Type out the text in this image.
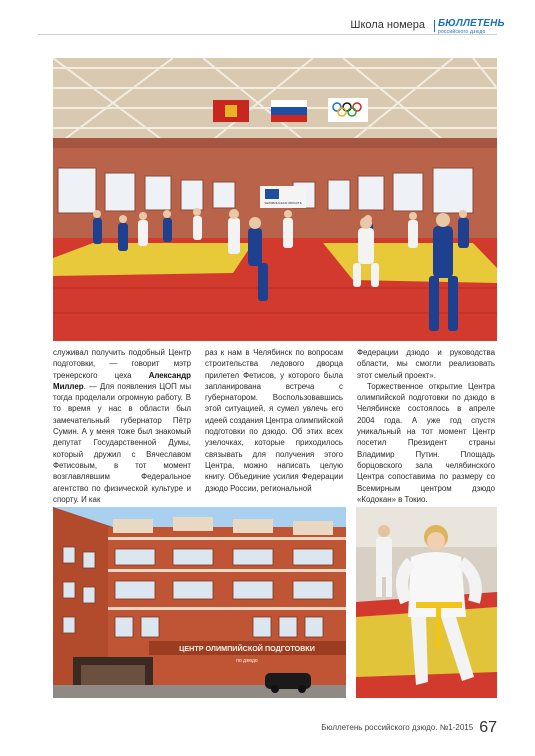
Школа номера БЮЛЛЕТЕНЬ
российского дзюдо
ЧЕЛЯБИНСКАЯ ОБЛАСТЬ

служивал получить подобный Центр подготовки, — говорит мэтр тренерского цеха Александр Миллер. — Для появления ЦОП мы тогда проделали огромную работу. В то время у нас в области был замечательный губернатор Пётр Сумин. А у меня тоже был знакомый депутат Государственной Думы, который дружил с Вячеславом Фетисовым, в тот момент возглавлявшим Федеральное агентство по физической культуре и спорту. И как

раз к нам в Челябинск по вопросам строительства ледового дворца прилетел Фетисов, у которого была запланирована встреча с губернатором. Воспользовавшись этой ситуацией, я сумел увлечь его идеей создания Центра олимпийской подготовки по дзюдо. Об этих всех узелочках, которые приходилось связывать для получения этого Центра, можно написать целую книгу. Объединие усилия Федерации дзюдо России, региональной

Федерации дзюдо и руководства области, мы смогли реализовать этот смелый проект».

Торжественное открытие Центра олимпийской подготовки по дзюдо в Челябинске состоялось в апреле 2004 года. А уже год спустя уникальный на тот момент Центр посетил Президент страны Владимир Путин. Площадь борцовского зала челябинского Центра сопоставима по размеру со Всемирным центром дзюдо «Кодокан» в Токио.

ЦЕНТР ОЛИМПИЙСКОЙ ПОДГОТОВКИ
по дзюдо
Бюллетень российского дзюдо. №1-2015 67
